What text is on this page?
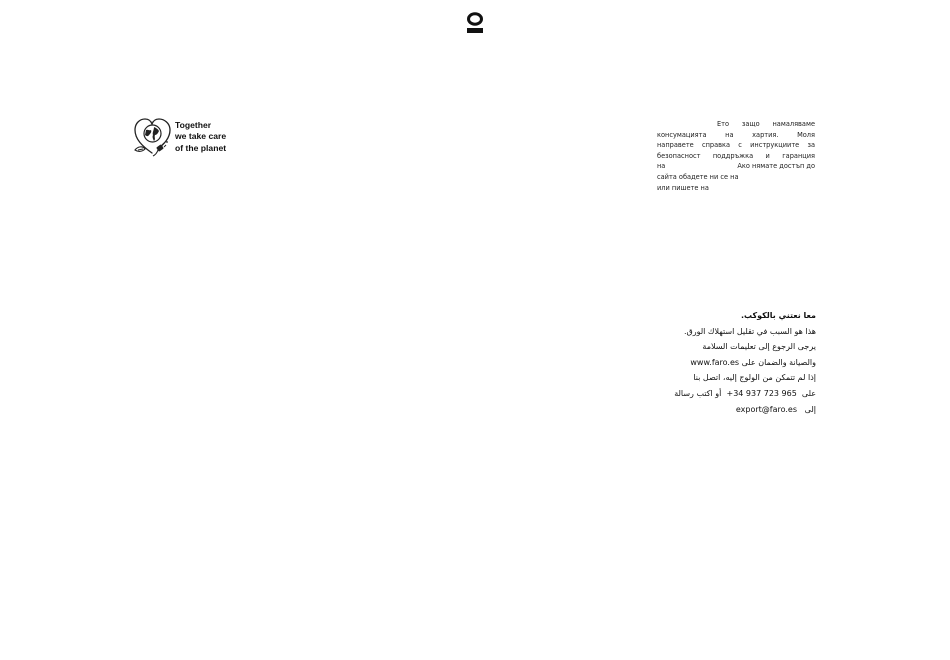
Together
we take care
of the planet
Ето защо намаляваме
консумацията на хартия. Моля
направете справка с инструкциите за
безопасност поддръжка и гаранция
на	Ако нямате достъп до
сайта обадете ни се на
или пишете на
معا نعتني بالكوكب.
هذا هو السبب في تقليل استهلاك الورق.
يرجى الرجوع إلى تعليمات السلامة
والصيانة والضمان على www.faro.es
إذا لم تتمكن من الولوج إليه، اتصل بنا
على  +34 937 723 965  أو اكتب رسالة
إلى   export@faro.es
